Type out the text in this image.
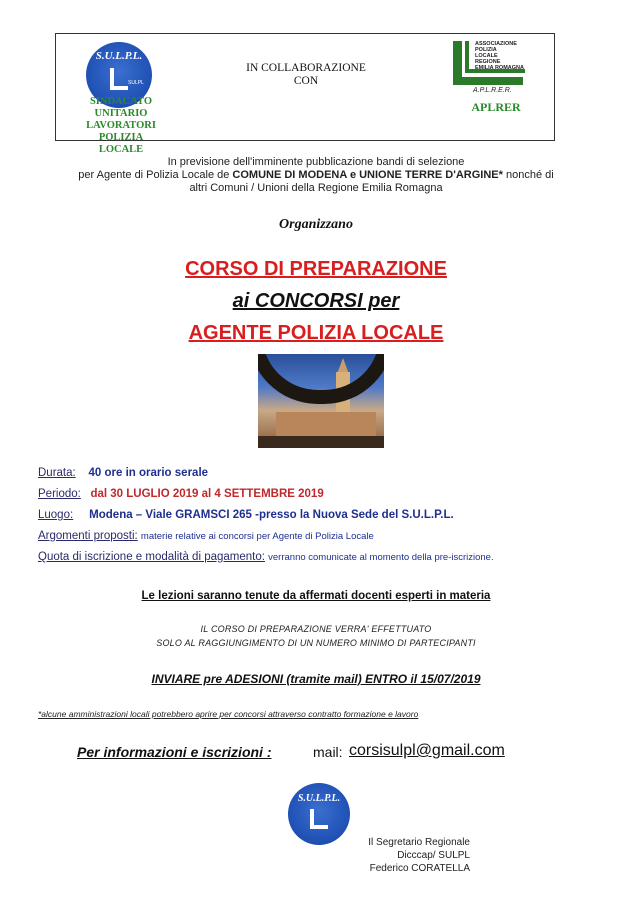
S.U.L.P.L.
SULPL
SINDACATO UNITARIO
LAVORATORI POLIZIA
LOCALE
IN COLLABORAZIONE
CON
ASSOCIAZIONE
POLIZIA
LOCALE
REGIONE
EMILIA ROMAGNA
A.P.L.R.E.R.
APLRER
In previsione dell'imminente pubblicazione bandi di selezione
per Agente di Polizia Locale de COMUNE DI MODENA e UNIONE TERRE D'ARGINE* nonché di
altri Comuni / Unioni della Regione Emilia Romagna
Organizzano
CORSO DI PREPARAZIONE
ai CONCORSI per
AGENTE POLIZIA LOCALE
Durata: 40 ore in orario serale
Periodo: dal 30 LUGLIO 2019 al 4 SETTEMBRE 2019
Luogo: Modena – Viale GRAMSCI 265 -presso la Nuova Sede del S.U.L.P.L.
Argomenti proposti: materie relative ai concorsi per Agente di Polizia Locale
Quota di iscrizione e modalità di pagamento: verranno comunicate al momento della pre-iscrizione.
Le lezioni saranno tenute da affermati docenti esperti in materia
IL CORSO DI PREPARAZIONE VERRA' EFFETTUATO
SOLO AL RAGGIUNGIMENTO DI UN NUMERO MINIMO DI PARTECIPANTI
INVIARE pre ADESIONI (tramite mail) ENTRO il 15/07/2019
*alcune amministrazioni locali potrebbero aprire per concorsi attraverso contratto formazione e lavoro
Per informazioni e iscrizioni :	mail: corsisulpl@gmail.com
S.U.L.P.L.
Il Segretario Regionale
Dicccap/ SULPL
Federico CORATELLA
